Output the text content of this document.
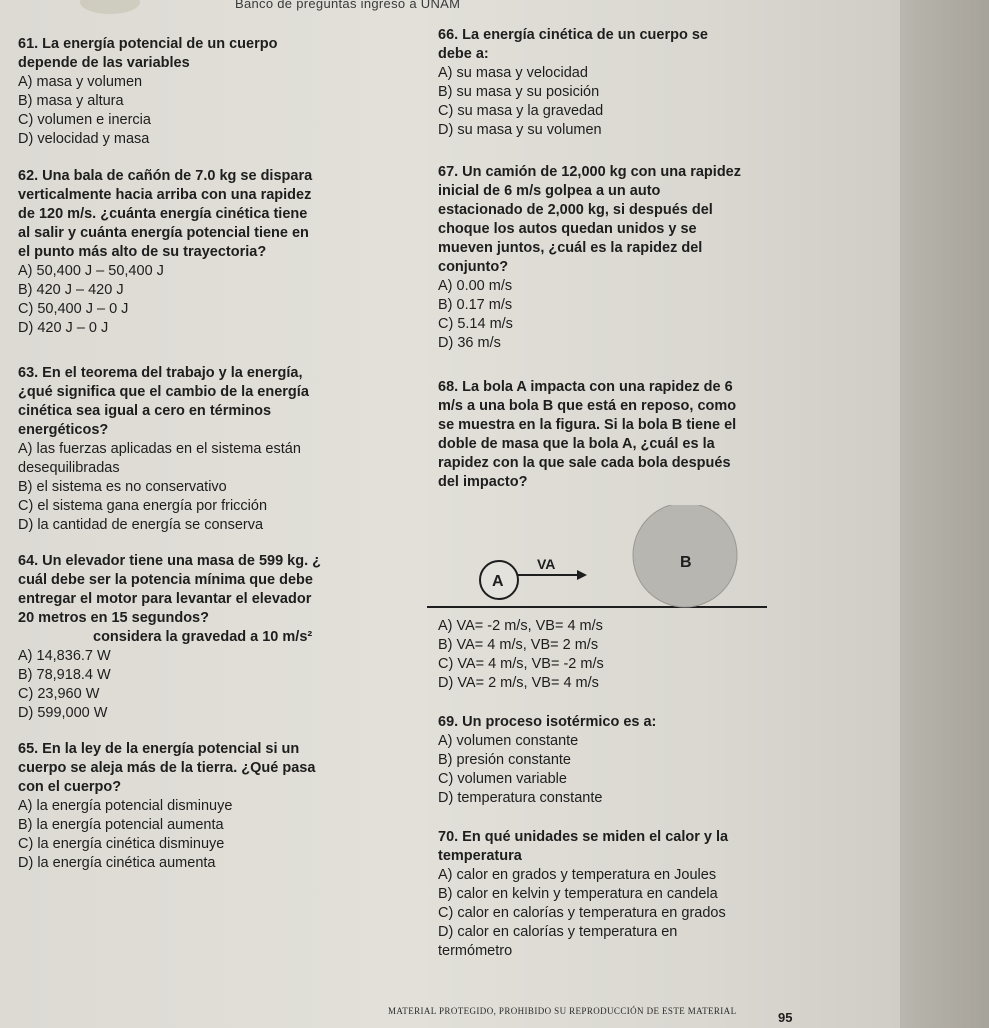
Banco de preguntas ingreso a UNAM
61. La energía potencial de un cuerpo
depende de las variables
A) masa y volumen
B) masa y altura
C) volumen e inercia
D) velocidad y masa
62. Una bala de cañón de 7.0 kg se dispara
verticalmente hacia arriba con una rapidez
de 120 m/s. ¿cuánta energía cinética tiene
al salir y cuánta energía potencial tiene en
el punto más alto de su trayectoria?
A) 50,400 J – 50,400 J
B) 420 J – 420 J
C) 50,400 J – 0 J
D) 420 J – 0 J
63. En el teorema del trabajo y la energía,
¿qué significa que el cambio de la energía
cinética sea igual a cero en términos
energéticos?
A) las fuerzas aplicadas en el sistema están
desequilibradas
B) el sistema es no conservativo
C) el sistema gana energía por fricción
D) la cantidad de energía se conserva
64. Un elevador tiene una masa de 599 kg. ¿
cuál debe ser la potencia mínima que debe
entregar el motor para levantar el elevador
20 metros en 15 segundos?
considera la gravedad a 10 m/s²
A) 14,836.7 W
B) 78,918.4 W
C) 23,960 W
D) 599,000 W
65. En la ley de la energía potencial si un
cuerpo se aleja más de la tierra. ¿Qué pasa
con el cuerpo?
A) la energía potencial disminuye
B) la energía potencial aumenta
C) la energía cinética disminuye
D) la energía cinética aumenta
66. La energía cinética de un cuerpo se
debe a:
A) su masa y velocidad
B) su masa y su posición
C) su masa y la gravedad
D) su masa y su volumen
67. Un camión de 12,000 kg con una rapidez
inicial de 6 m/s golpea a un auto
estacionado de 2,000 kg, si después del
choque los autos quedan unidos y se
mueven juntos, ¿cuál es la rapidez del
conjunto?
A) 0.00 m/s
B) 0.17 m/s
C) 5.14 m/s
D) 36 m/s
68. La bola A impacta con una rapidez de 6
m/s a una bola B que está en reposo, como
se muestra en la figura. Si la bola B tiene el
doble de masa que la bola A, ¿cuál es la
rapidez con la que sale cada bola después
del impacto?
B
A
VA
A) VA= -2 m/s, VB= 4 m/s
B) VA= 4 m/s, VB= 2 m/s
C) VA= 4 m/s, VB= -2 m/s
D) VA= 2 m/s, VB= 4 m/s
69. Un proceso isotérmico es a:
A) volumen constante
B) presión constante
C) volumen variable
D) temperatura constante
70. En qué unidades se miden el calor y la
temperatura
A) calor en grados y temperatura en Joules
B) calor en kelvin y temperatura en candela
C) calor en calorías y temperatura en grados
D) calor en calorías y temperatura en
termómetro
MATERIAL PROTEGIDO, PROHIBIDO SU REPRODUCCIÓN DE ESTE MATERIAL	95
